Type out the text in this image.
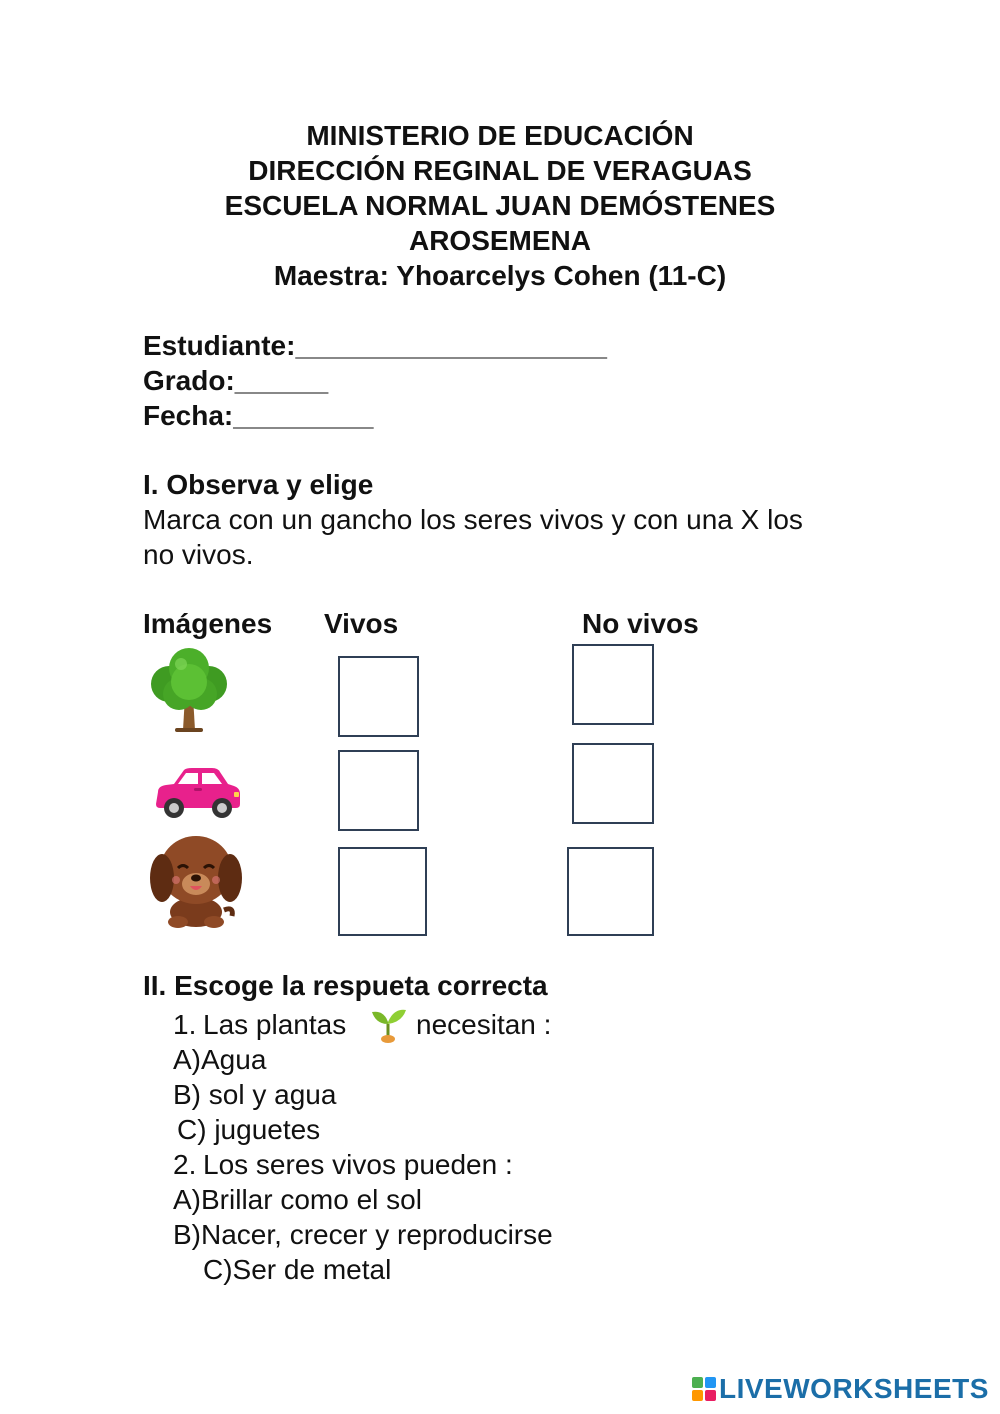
MINISTERIO DE EDUCACIÓN
DIRECCIÓN REGINAL DE VERAGUAS
ESCUELA NORMAL JUAN DEMÓSTENES
AROSEMENA
Maestra: Yhoarcelys Cohen (11-C)
Estudiante:____________________
Grado:______
Fecha:_________
I. Observa y elige
Marca con un gancho los seres vivos y con una X los
no vivos.
Imágenes Vivos	No vivos
II. Escoge la respueta correcta
1. Las plantas necesitan :
A)Agua
B) sol y agua
C) juguetes
2. Los seres vivos pueden :
A)Brillar como el sol
B)Nacer, crecer y reproducirse
C)Ser de metal
LIVEWORKSHEETS
